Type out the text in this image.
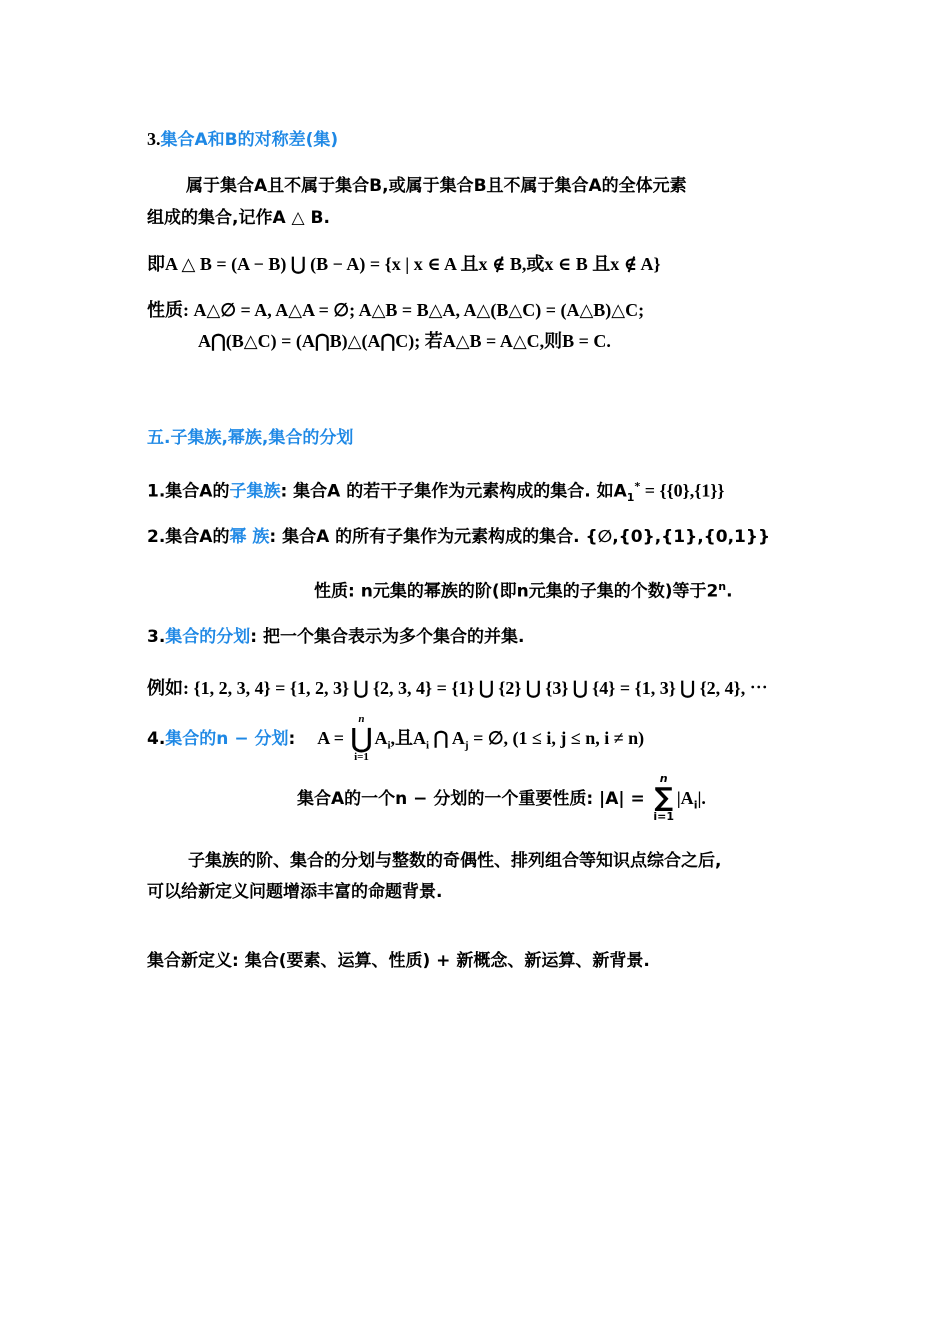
3.集合A和B的对称差(集)
属于集合A且不属于集合B,或属于集合B且不属于集合A的全体元素
组成的集合,记作A △ B.
即A △ B = (A − B) ⋃ (B − A) = {x | x ∈ A 且x ∉ B,或x ∈ B 且x ∉ A}
性质: A△∅ = A, A△A = ∅; A△B = B△A, A△(B△C) = (A△B)△C;
A⋂(B△C) = (A⋂B)△(A⋂C); 若A△B = A△C,则B = C.
五.子集族,幂族,集合的分划
1.集合A的子集族: 集合A 的若干子集作为元素构成的集合. 如$A_1^* = \{\{0\},\{1\}\}$
2.集合A的幂 族: 集合A 的所有子集作为元素构成的集合. {∅,{0},{1},{0,1}}
性质: n元集的幂族的阶(即n元集的子集的个数)等于2$^n$.
3.集合的分划: 把一个集合表示为多个集合的并集.
例如: {1, 2, 3, 4} = {1, 2, 3} ⋃ {2, 3, 4} = {1} ⋃ {2} ⋃ {3} ⋃ {4} = {1, 3} ⋃ {2, 4}, ⋯
4.集合的n − 分划: A =
n
⋃
i=1
$A_i$,且$A_i$ ⋂ $A_j$ = ∅, (1 ≤ i, j ≤ n, i ≠ n)
集合A的一个n − 分划的一个重要性质: |A| =
n
∑
i=1
$|A_i|$.
子集族的阶、集合的分划与整数的奇偶性、排列组合等知识点综合之后,
可以给新定义问题增添丰富的命题背景.
集合新定义: 集合(要素、运算、性质) + 新概念、新运算、新背景.
